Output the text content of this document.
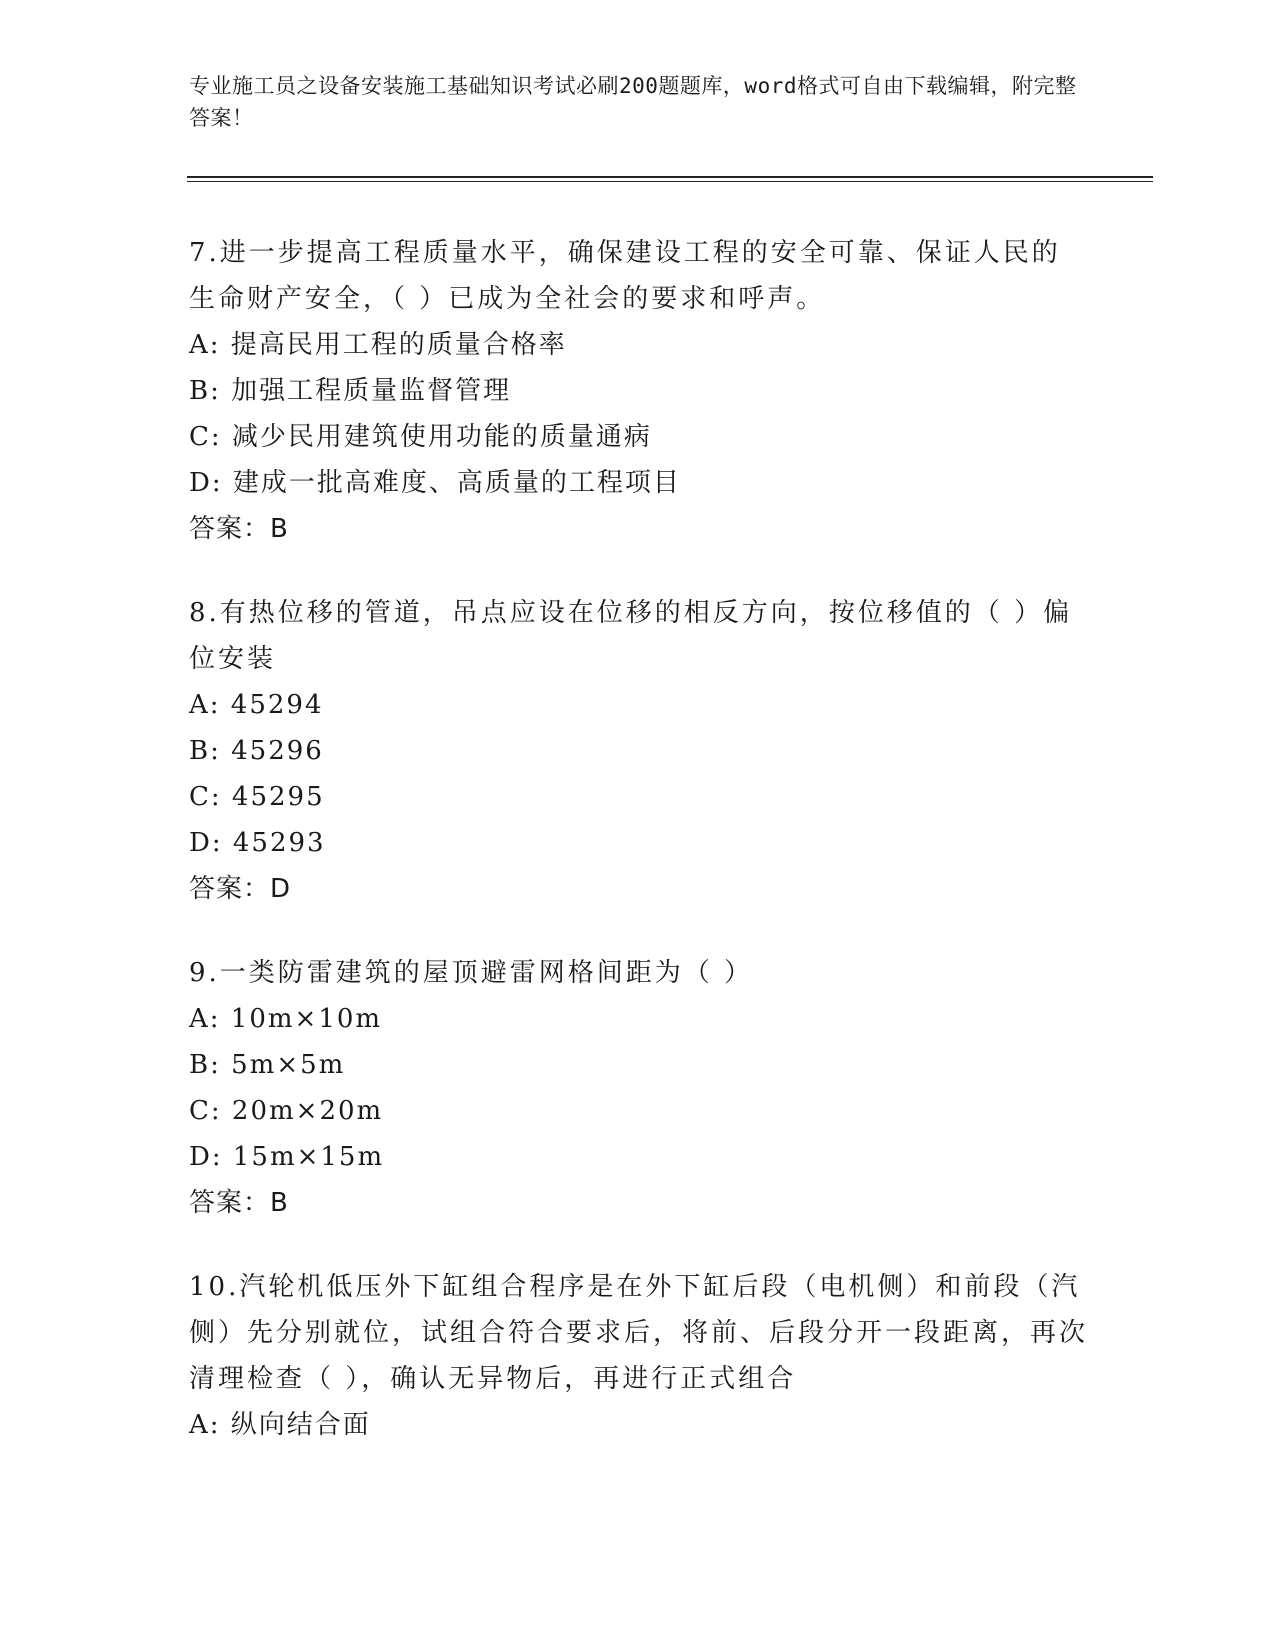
专业施工员之设备安装施工基础知识考试必刷200题题库，word格式可自由下载编辑，附完整答案！

7.进一步提高工程质量水平，确保建设工程的安全可靠、保证人民的生命财产安全，（ ）已成为全社会的要求和呼声。

A: 提高民用工程的质量合格率

B: 加强工程质量监督管理

C: 减少民用建筑使用功能的质量通病

D: 建成一批高难度、高质量的工程项目

答案：B

8.有热位移的管道，吊点应设在位移的相反方向，按位移值的（ ）偏位安装

A: 45294

B: 45296

C: 45295

D: 45293

答案：D

9.一类防雷建筑的屋顶避雷网格间距为（ ）

A: 10m×10m

B: 5m×5m

C: 20m×20m

D: 15m×15m

答案：B

10.汽轮机低压外下缸组合程序是在外下缸后段（电机侧）和前段（汽侧）先分别就位，试组合符合要求后，将前、后段分开一段距离，再次清理检查（ ），确认无异物后，再进行正式组合

A: 纵向结合面
